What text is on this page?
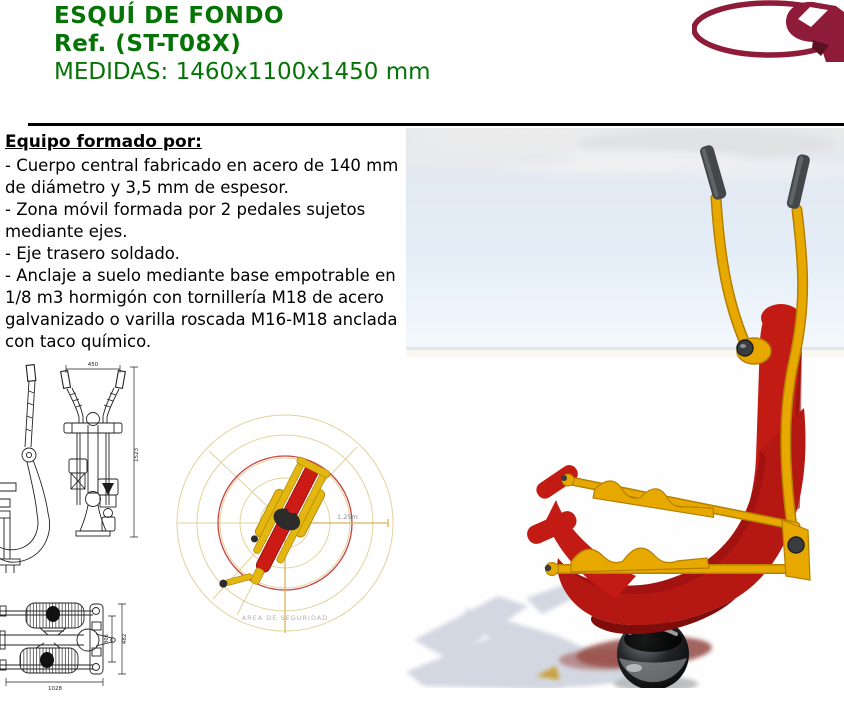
ESQUÍ DE FONDO
Ref. (ST-T08X)
MEDIDAS: 1460x1100x1450 mm
Equipo formado por:

- Cuerpo central fabricado en acero de 140 mm de diámetro y 3,5 mm de espesor.

- Zona móvil formada por 2 pedales sujetos mediante ejes.

- Eje trasero soldado.

- Anclaje a suelo mediante base empotrable en 1/8 m3 hormigón con tornillería M18 de acero galvanizado o varilla roscada M16-M18 anclada con taco químico.

450
1523
1028
482
306
1,25m
AREA DE SEGURIDAD
